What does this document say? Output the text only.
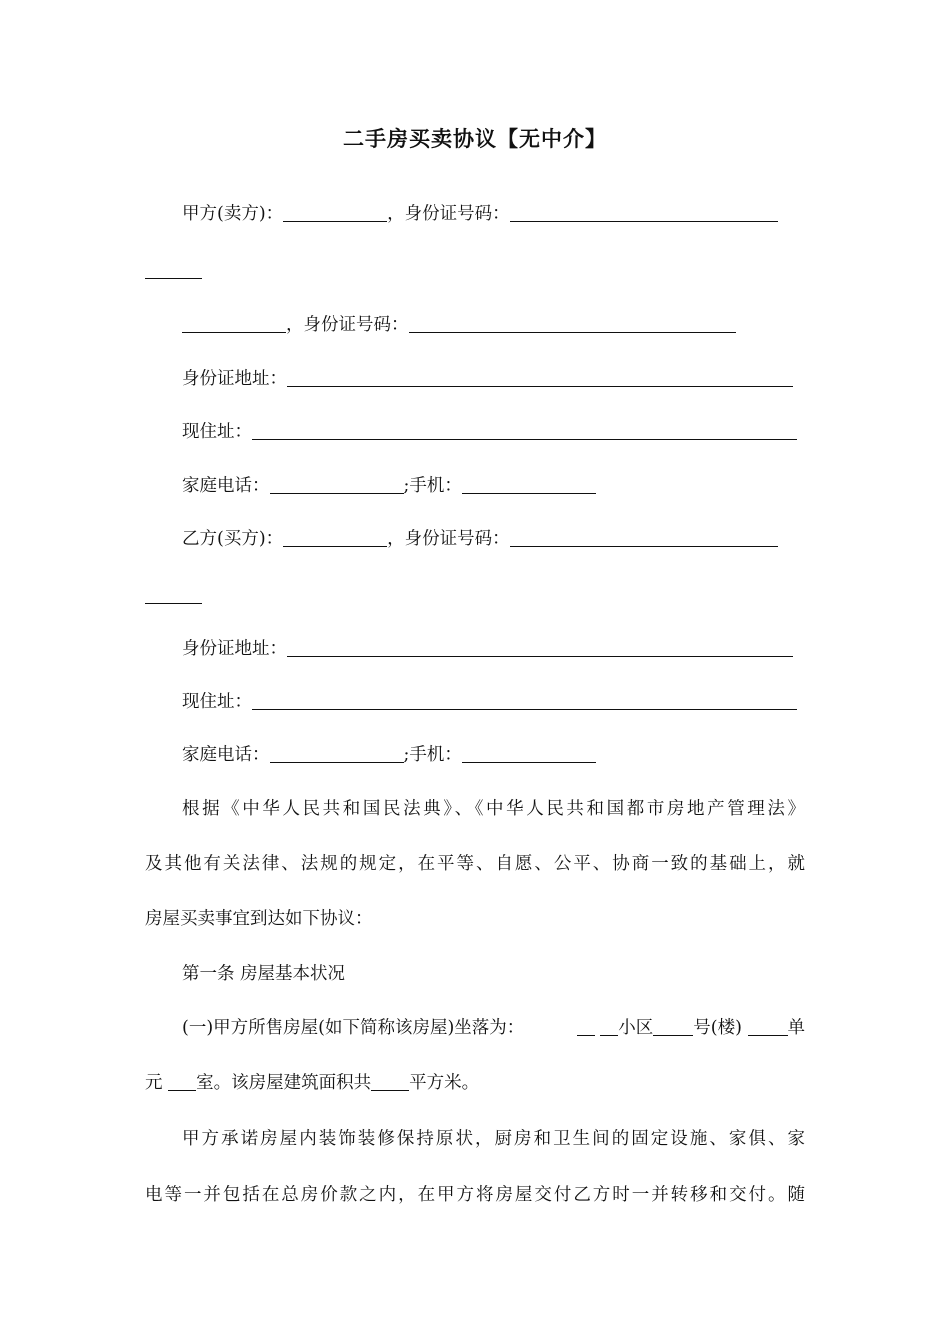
二手房买卖协议【无中介】
甲方(卖方)：	，身份证号码：
，身份证号码：
身份证地址：
现住址：
家庭电话：	;手机：
乙方(买方)：	，身份证号码：
身份证地址：
现住址：
家庭电话：	;手机：
根据《中华人民共和国民法典》、《中华人民共和国都市房地产管理法》
及其他有关法律、法规的规定，在平等、自愿、公平、协商一致的基础上，就
房屋买卖事宜到达如下协议：
第一条 房屋基本状况
(一)甲方所售房屋(如下简称该房屋)坐落为：	小区 号(楼)	单
元 室。该房屋建筑面积共 平方米。
甲方承诺房屋内装饰装修保持原状，厨房和卫生间的固定设施、家俱、家
电等一并包括在总房价款之内，在甲方将房屋交付乙方时一并转移和交付。随
